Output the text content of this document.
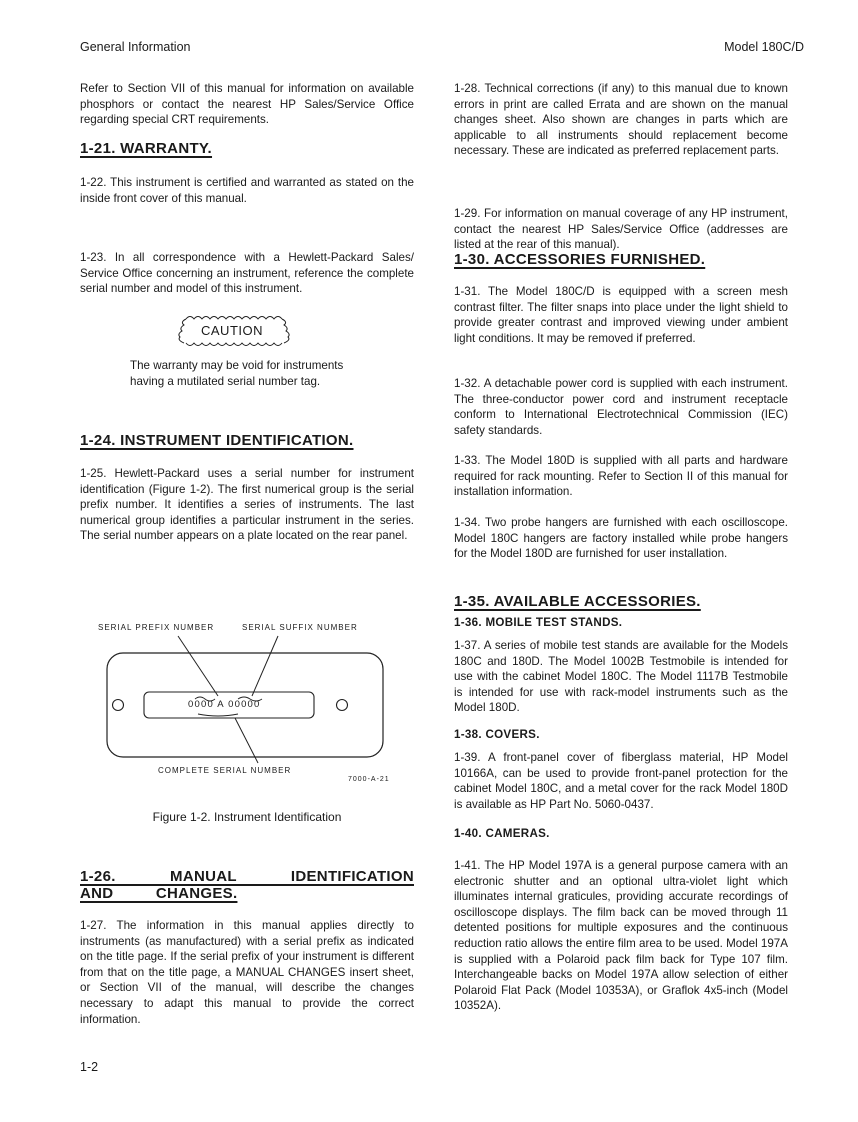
General Information	Model 180C/D

Refer to Section VII of this manual for information on available phosphors or contact the nearest HP Sales/Service Office regarding special CRT requirements.

1-21. WARRANTY.

1-22. This instrument is certified and warranted as stated on the inside front cover of this manual.

1-23. In all correspondence with a Hewlett-Packard Sales/ Service Office concerning an instrument, reference the complete serial number and model of this instrument.

CAUTION

The warranty may be void for instruments having a mutilated serial number tag.

1-24. INSTRUMENT IDENTIFICATION.

1-25. Hewlett-Packard uses a serial number for instrument identification (Figure 1-2). The first numerical group is the serial prefix number. It identifies a series of instruments. The last numerical group identifies a particular instrument in the series. The serial number appears on a plate located on the rear panel.

SERIAL PREFIX NUMBER	SERIAL SUFFIX NUMBER
0000 A 00000
COMPLETE SERIAL NUMBER
7000-A-21
Figure 1-2. Instrument Identification
1-26. MANUAL IDENTIFICATION AND CHANGES.

1-27. The information in this manual applies directly to instruments (as manufactured) with a serial prefix as indicated on the title page. If the serial prefix of your instrument is different from that on the title page, a MANUAL CHANGES insert sheet, or Section VII of the manual, will describe the changes necessary to adapt this manual to provide the correct information.

1-28. Technical corrections (if any) to this manual due to known errors in print are called Errata and are shown on the manual changes sheet. Also shown are changes in parts which are applicable to all instruments should replacement become necessary. These are indicated as preferred replacement parts.

1-29. For information on manual coverage of any HP instrument, contact the nearest HP Sales/Service Office (addresses are listed at the rear of this manual).

1-30. ACCESSORIES FURNISHED.

1-31. The Model 180C/D is equipped with a screen mesh contrast filter. The filter snaps into place under the light shield to provide greater contrast and improved viewing under ambient light conditions. It may be removed if preferred.

1-32. A detachable power cord is supplied with each instrument. The three-conductor power cord and instrument receptacle conform to International Electrotechnical Commission (IEC) safety standards.

1-33. The Model 180D is supplied with all parts and hardware required for rack mounting. Refer to Section II of this manual for installation information.

1-34. Two probe hangers are furnished with each oscilloscope. Model 180C hangers are factory installed while probe hangers for the Model 180D are furnished for user installation.

1-35. AVAILABLE ACCESSORIES.
1-36. MOBILE TEST STANDS.

1-37. A series of mobile test stands are available for the Models 180C and 180D. The Model 1002B Testmobile is intended for use with the cabinet Model 180C. The Model 1117B Testmobile is intended for use with rack-model instruments such as the Model 180D.

1-38. COVERS.

1-39. A front-panel cover of fiberglass material, HP Model 10166A, can be used to provide front-panel protection for the cabinet Model 180C, and a metal cover for the rack Model 180D is available as HP Part No. 5060-0437.

1-40. CAMERAS.

1-41. The HP Model 197A is a general purpose camera with an electronic shutter and an optional ultra-violet light which illuminates internal graticules, providing accurate recordings of oscilloscope displays. The film back can be moved through 11 detented positions for multiple exposures and the continuous reduction ratio allows the entire film area to be used. Model 197A is supplied with a Polaroid pack film back for Type 107 film. Interchangeable backs on Model 197A allow selection of either Polaroid Flat Pack (Model 10353A), or Graflok 4x5-inch (Model 10352A).

1-2
